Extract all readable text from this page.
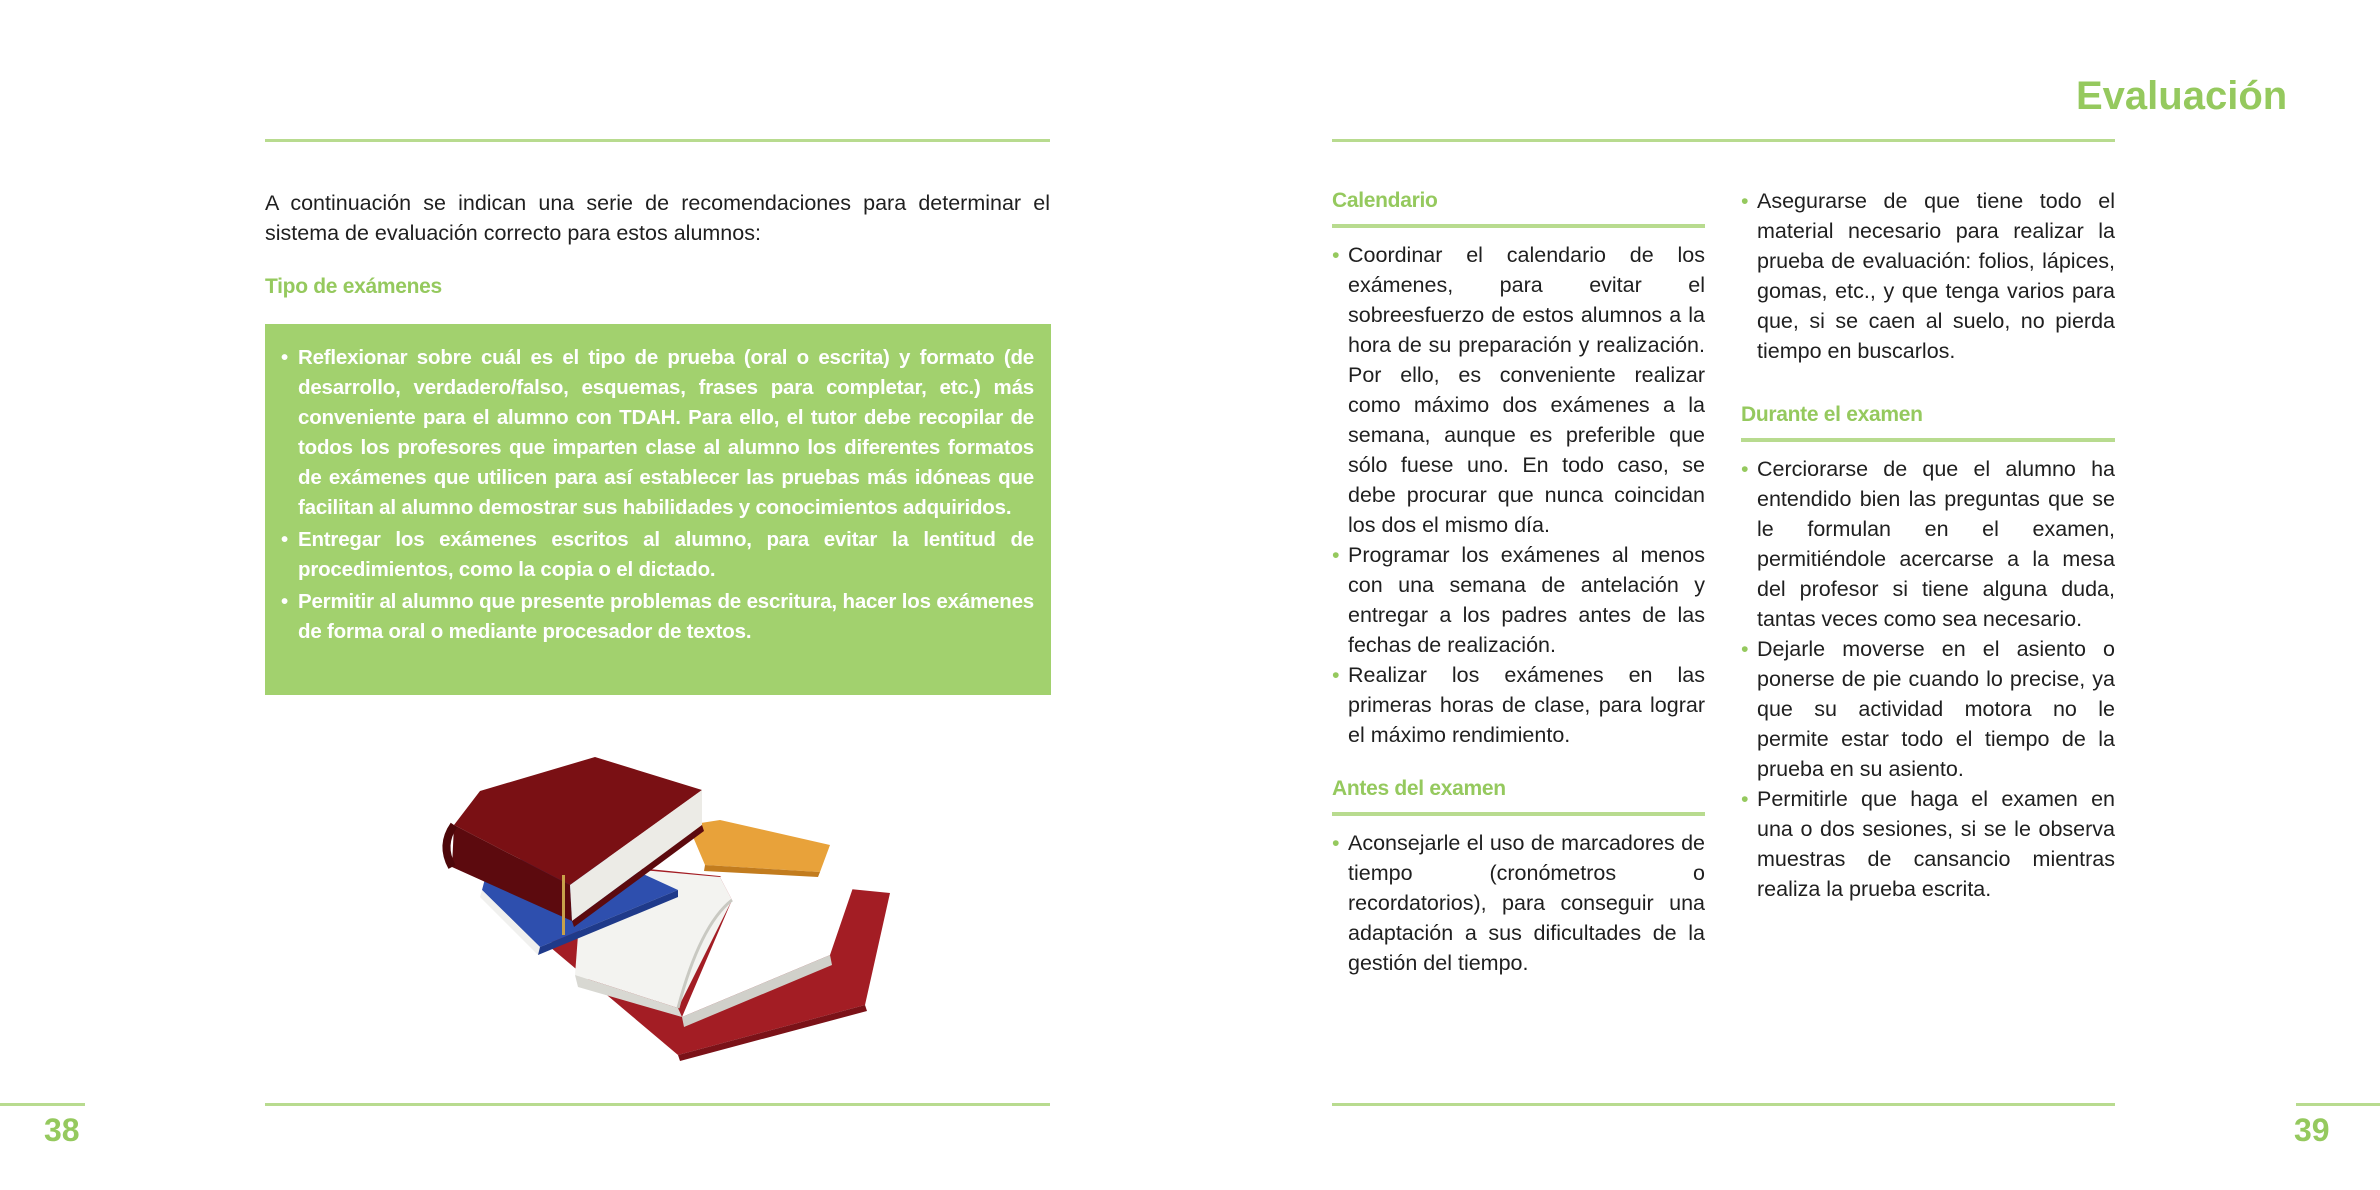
A continuación se indican una serie de recomendaciones para determinar el sistema de evaluación correcto para estos alumnos:
Tipo de exámenes
• Reflexionar sobre cuál es el tipo de prueba (oral o escrita) y formato (de desarrollo, verdadero/falso, esquemas, frases para completar, etc.) más conveniente para el alumno con TDAH. Para ello, el tutor debe recopilar de todos los profesores que imparten clase al alumno los diferentes formatos de exámenes que utilicen para así establecer las pruebas más idóneas que facilitan al alumno demostrar sus habilidades y conocimientos adquiridos.
• Entregar los exámenes escritos al alumno, para evitar la lentitud de procedimientos, como la copia o el dictado.
• Permitir al alumno que presente problemas de escritura, hacer los exámenes de forma oral o mediante procesador de textos.
38
Evaluación
Calendario
• Coordinar el calendario de los exámenes, para evitar el sobreesfuerzo de estos alumnos a la hora de su preparación y realización. Por ello, es conveniente realizar como máximo dos exámenes a la semana, aunque es preferible que sólo fuese uno. En todo caso, se debe procurar que nunca coincidan los dos el mismo día.
• Programar los exámenes al menos con una semana de antelación y entregar a los padres antes de las fechas de realización.
• Realizar los exámenes en las primeras horas de clase, para lograr el máximo rendimiento.
Antes del examen
• Aconsejarle el uso de marcadores de tiempo (cronómetros o recordatorios), para conseguir una adaptación a sus dificultades de la gestión del tiempo.
• Asegurarse de que tiene todo el material necesario para realizar la prueba de evaluación: folios, lápices, gomas, etc., y que tenga varios para que, si se caen al suelo, no pierda tiempo en buscarlos.
Durante el examen
• Cerciorarse de que el alumno ha entendido bien las preguntas que se le formulan en el examen, permitiéndole acercarse a la mesa del profesor si tiene alguna duda, tantas veces como sea necesario.
• Dejarle moverse en el asiento o ponerse de pie cuando lo precise, ya que su actividad motora no le permite estar todo el tiempo de la prueba en su asiento.
• Permitirle que haga el examen en una o dos sesiones, si se le observa muestras de cansancio mientras realiza la prueba escrita.
39
